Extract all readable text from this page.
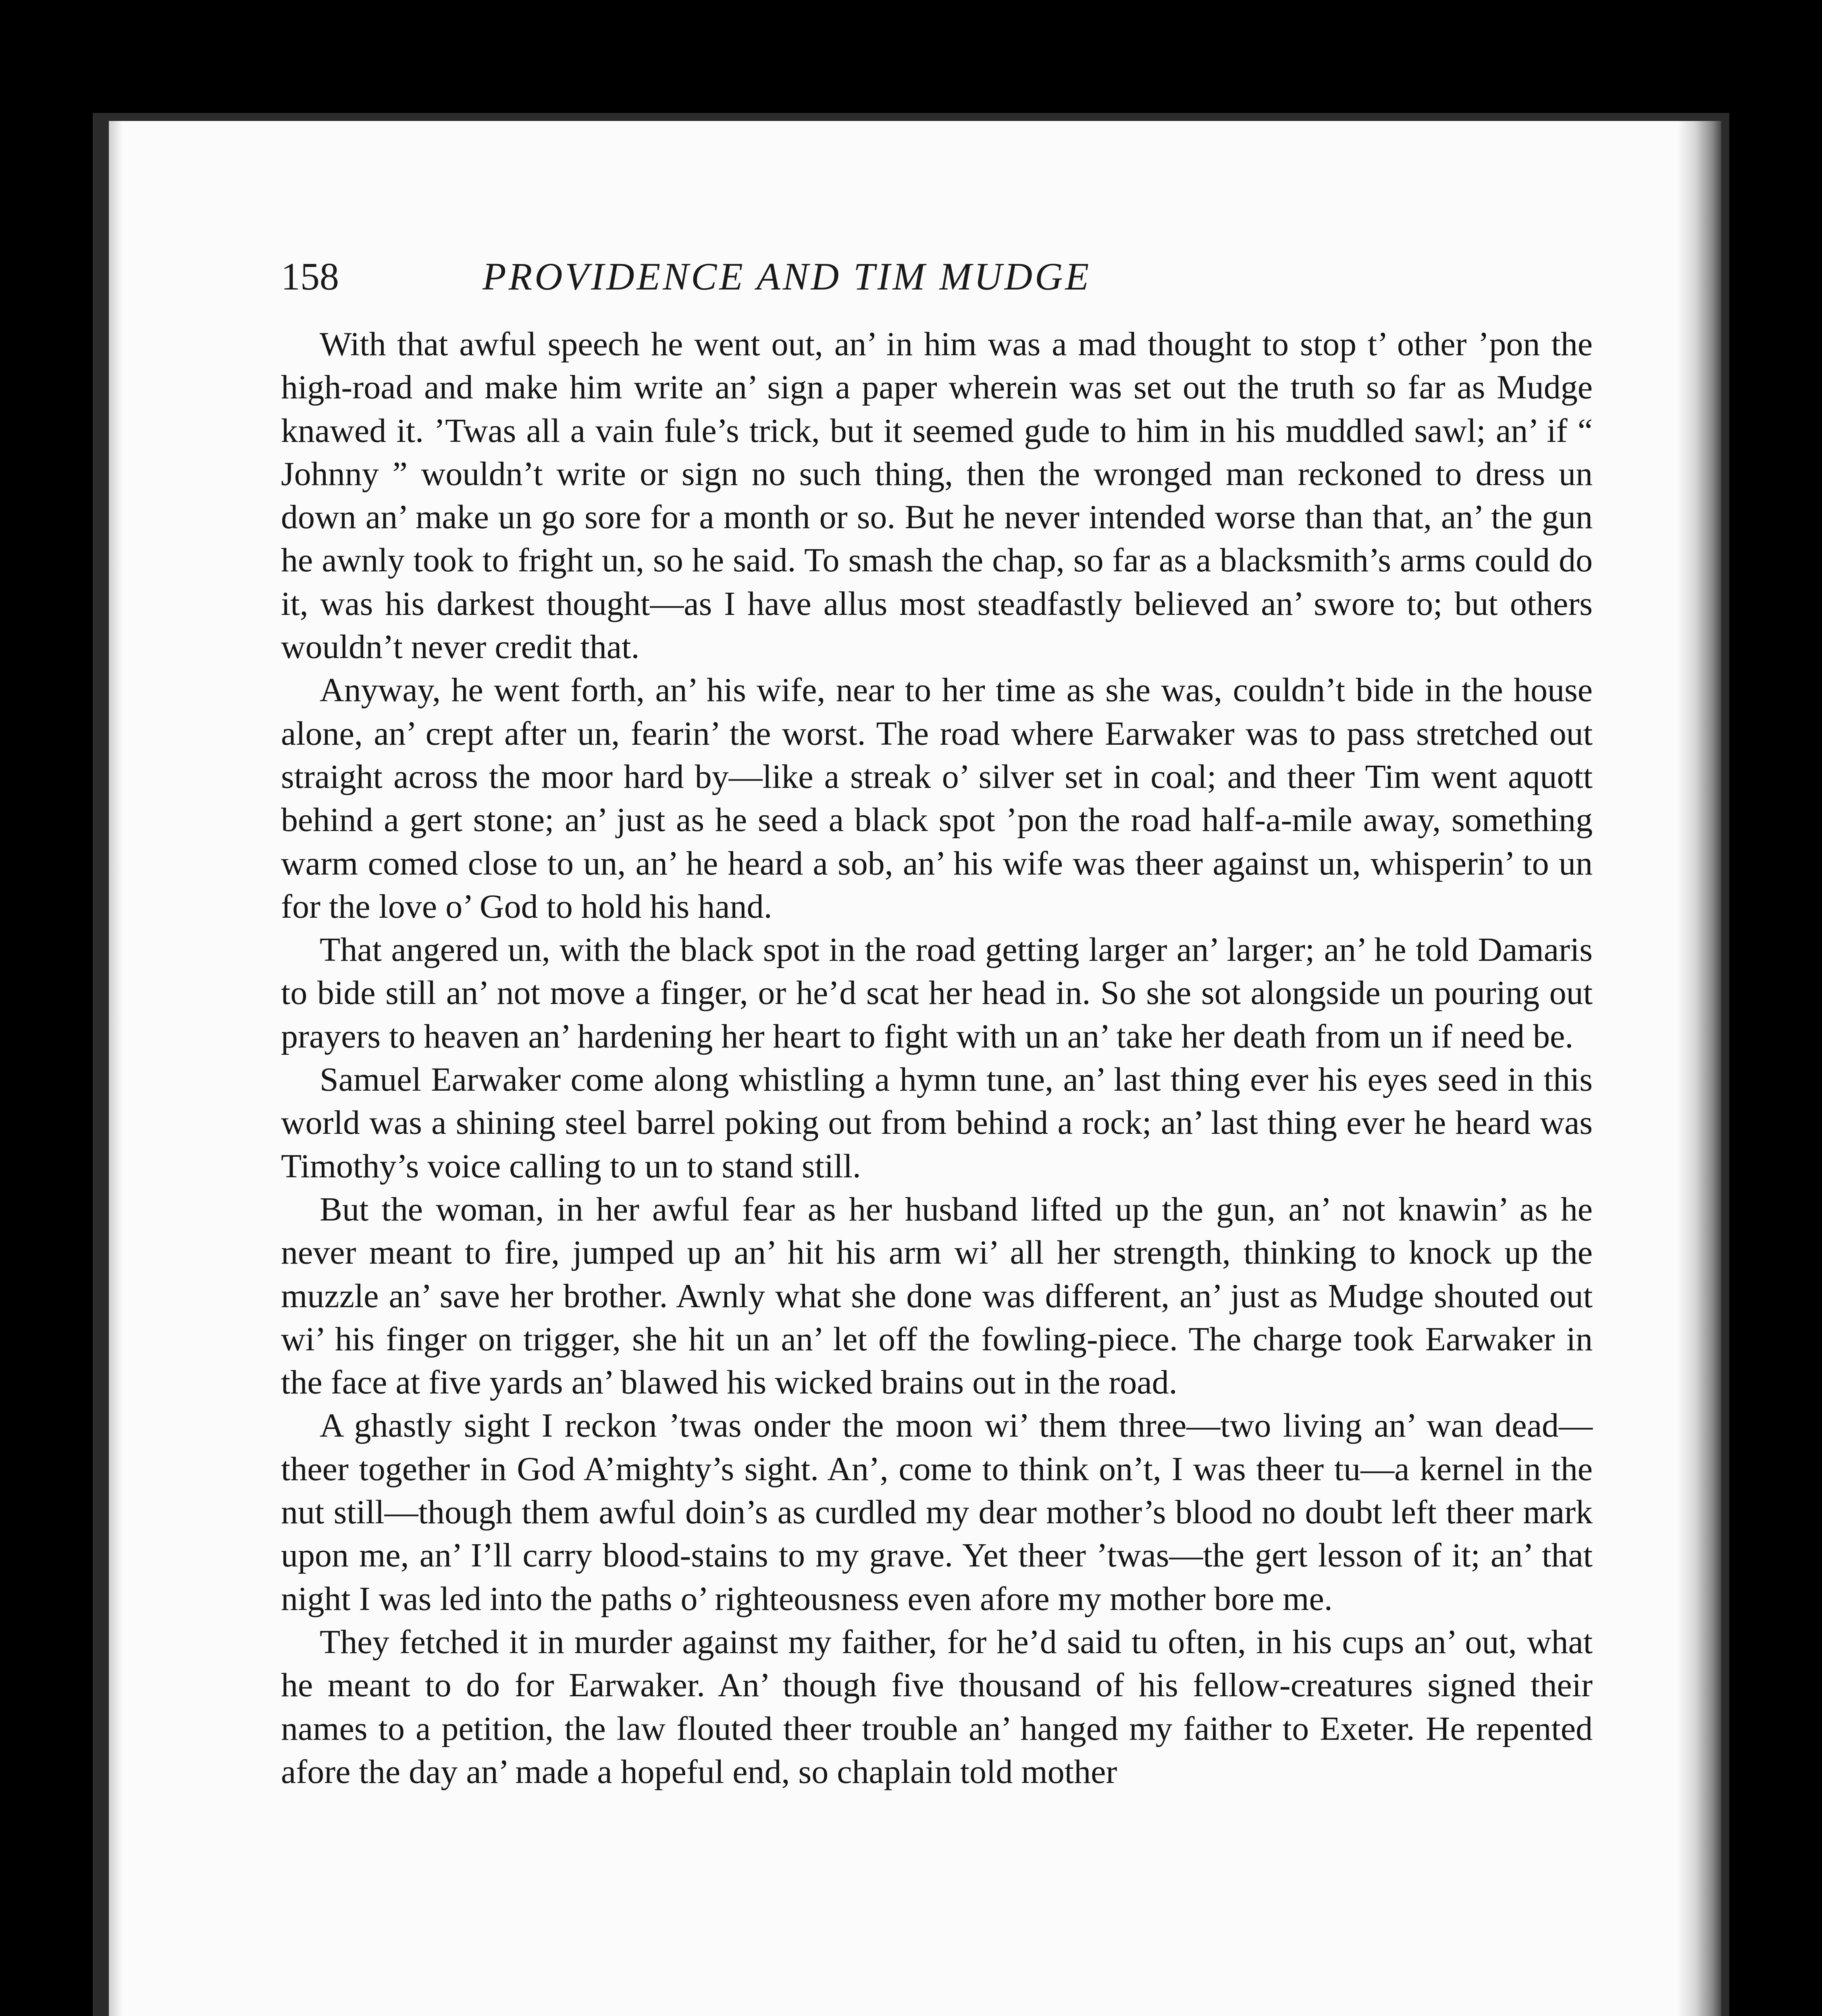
158	PROVIDENCE AND TIM MUDGE

With that awful speech he went out, an’ in him was a mad thought to stop t’ other ’pon the high-road and make him write an’ sign a paper wherein was set out the truth so far as Mudge knawed it. ’Twas all a vain fule’s trick, but it seemed gude to him in his muddled sawl; an’ if “ Johnny ” wouldn’t write or sign no such thing, then the wronged man reckoned to dress un down an’ make un go sore for a month or so. But he never intended worse than that, an’ the gun he awnly took to fright un, so he said. To smash the chap, so far as a blacksmith’s arms could do it, was his darkest thought—as I have allus most steadfastly believed an’ swore to; but others wouldn’t never credit that.

Anyway, he went forth, an’ his wife, near to her time as she was, couldn’t bide in the house alone, an’ crept after un, fearin’ the worst. The road where Earwaker was to pass stretched out straight across the moor hard by—like a streak o’ silver set in coal; and theer Tim went aquott behind a gert stone; an’ just as he seed a black spot ’pon the road half-a-mile away, something warm comed close to un, an’ he heard a sob, an’ his wife was theer against un, whisperin’ to un for the love o’ God to hold his hand.

That angered un, with the black spot in the road getting larger an’ larger; an’ he told Damaris to bide still an’ not move a finger, or he’d scat her head in. So she sot alongside un pouring out prayers to heaven an’ hardening her heart to fight with un an’ take her death from un if need be.

Samuel Earwaker come along whistling a hymn tune, an’ last thing ever his eyes seed in this world was a shining steel barrel poking out from behind a rock; an’ last thing ever he heard was Timothy’s voice calling to un to stand still.

But the woman, in her awful fear as her husband lifted up the gun, an’ not knawin’ as he never meant to fire, jumped up an’ hit his arm wi’ all her strength, thinking to knock up the muzzle an’ save her brother. Awnly what she done was different, an’ just as Mudge shouted out wi’ his finger on trigger, she hit un an’ let off the fowling-piece. The charge took Earwaker in the face at five yards an’ blawed his wicked brains out in the road.

A ghastly sight I reckon ’twas onder the moon wi’ them three—two living an’ wan dead—theer together in God A’mighty’s sight. An’, come to think on’t, I was theer tu—a kernel in the nut still—though them awful doin’s as curdled my dear mother’s blood no doubt left theer mark upon me, an’ I’ll carry blood-stains to my grave. Yet theer ’twas—the gert lesson of it; an’ that night I was led into the paths o’ righteousness even afore my mother bore me.

They fetched it in murder against my faither, for he’d said tu often, in his cups an’ out, what he meant to do for Earwaker. An’ though five thousand of his fellow-creatures signed their names to a petition, the law flouted theer trouble an’ hanged my faither to Exeter. He repented afore the day an’ made a hopeful end, so chaplain told mother
